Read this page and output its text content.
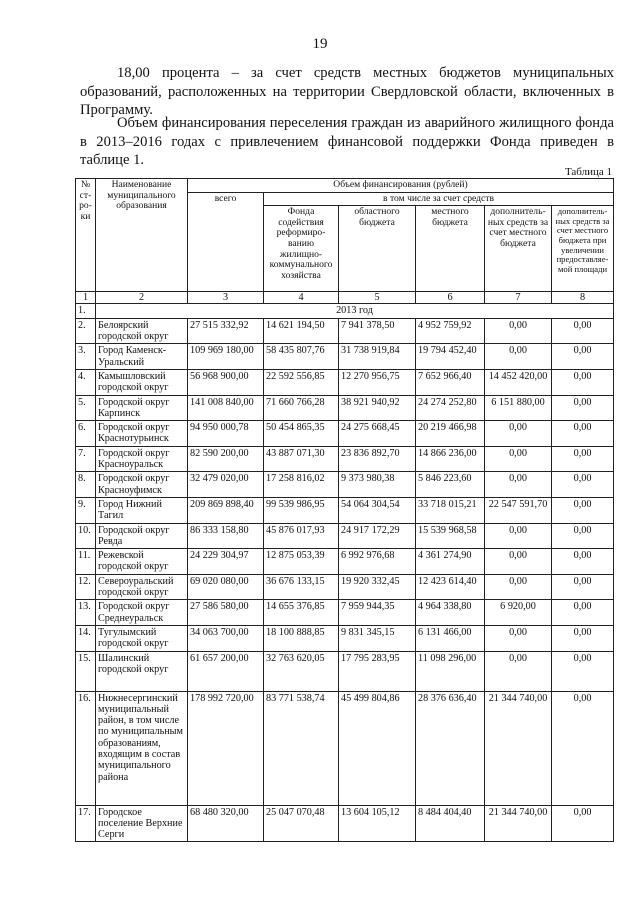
19
18,00 процента – за счет средств местных бюджетов муниципальных образований, расположенных на территории Свердловской области, включенных в Программу.
Объем финансирования переселения граждан из аварийного жилищного фонда в 2013–2016 годах с привлечением финансовой поддержки Фонда приведен в таблице 1.
Таблица 1
№ ст-ро-ки	Наименование муниципального образования	Объем финансирования (рублей)					
		всего	в том числе за счет средств				
			Фонда содействия реформиро-ванию жилищно-коммунального хозяйства	областного бюджета	местного бюджета	дополнитель-ных средств за счет местного бюджета	дополнитель-ных средств за счет местного бюджета при увеличении предоставляе-мой площади
1	2	3	4	5	6	7	8
1.	2013 год						
2.	Белоярский городской округ	27 515 332,92	14 621 194,50	7 941 378,50	4 952 759,92	0,00	0,00
3.	Город Каменск-Уральский	109 969 180,00	58 435 807,76	31 738 919,84	19 794 452,40	0,00	0,00
4.	Камышловский городской округ	56 968 900,00	22 592 556,85	12 270 956,75	7 652 966,40	14 452 420,00	0,00
5.	Городской округ Карпинск	141 008 840,00	71 660 766,28	38 921 940,92	24 274 252,80	6 151 880,00	0,00
6.	Городской округ Краснотурьинск	94 950 000,78	50 454 865,35	24 275 668,45	20 219 466,98	0,00	0,00
7.	Городской округ Красноуральск	82 590 200,00	43 887 071,30	23 836 892,70	14 866 236,00	0,00	0,00
8.	Городской округ Красноуфимск	32 479 020,00	17 258 816,02	9 373 980,38	5 846 223,60	0,00	0,00
9.	Город Нижний Тагил	209 869 898,40	99 539 986,95	54 064 304,54	33 718 015,21	22 547 591,70	0,00
10.	Городской округ Ревда	86 333 158,80	45 876 017,93	24 917 172,29	15 539 968,58	0,00	0,00
11.	Режевской городской округ	24 229 304,97	12 875 053,39	6 992 976,68	4 361 274,90	0,00	0,00
12.	Североуральский городской округ	69 020 080,00	36 676 133,15	19 920 332,45	12 423 614,40	0,00	0,00
13.	Городской округ Среднеуральск	27 586 580,00	14 655 376,85	7 959 944,35	4 964 338,80	6 920,00	0,00
14.	Тугулымский городской округ	34 063 700,00	18 100 888,85	9 831 345,15	6 131 466,00	0,00	0,00
15.	Шалинский городской округ	61 657 200,00	32 763 620,05	17 795 283,95	11 098 296,00	0,00	0,00
16.	Нижнесергинский муниципальный район, в том числе по муниципальным образованиям, входящим в состав муниципального района	178 992 720,00	83 771 538,74	45 499 804,86	28 376 636,40	21 344 740,00	0,00
17.	Городское поселение Верхние Серги	68 480 320,00	25 047 070,48	13 604 105,12	8 484 404,40	21 344 740,00	0,00
